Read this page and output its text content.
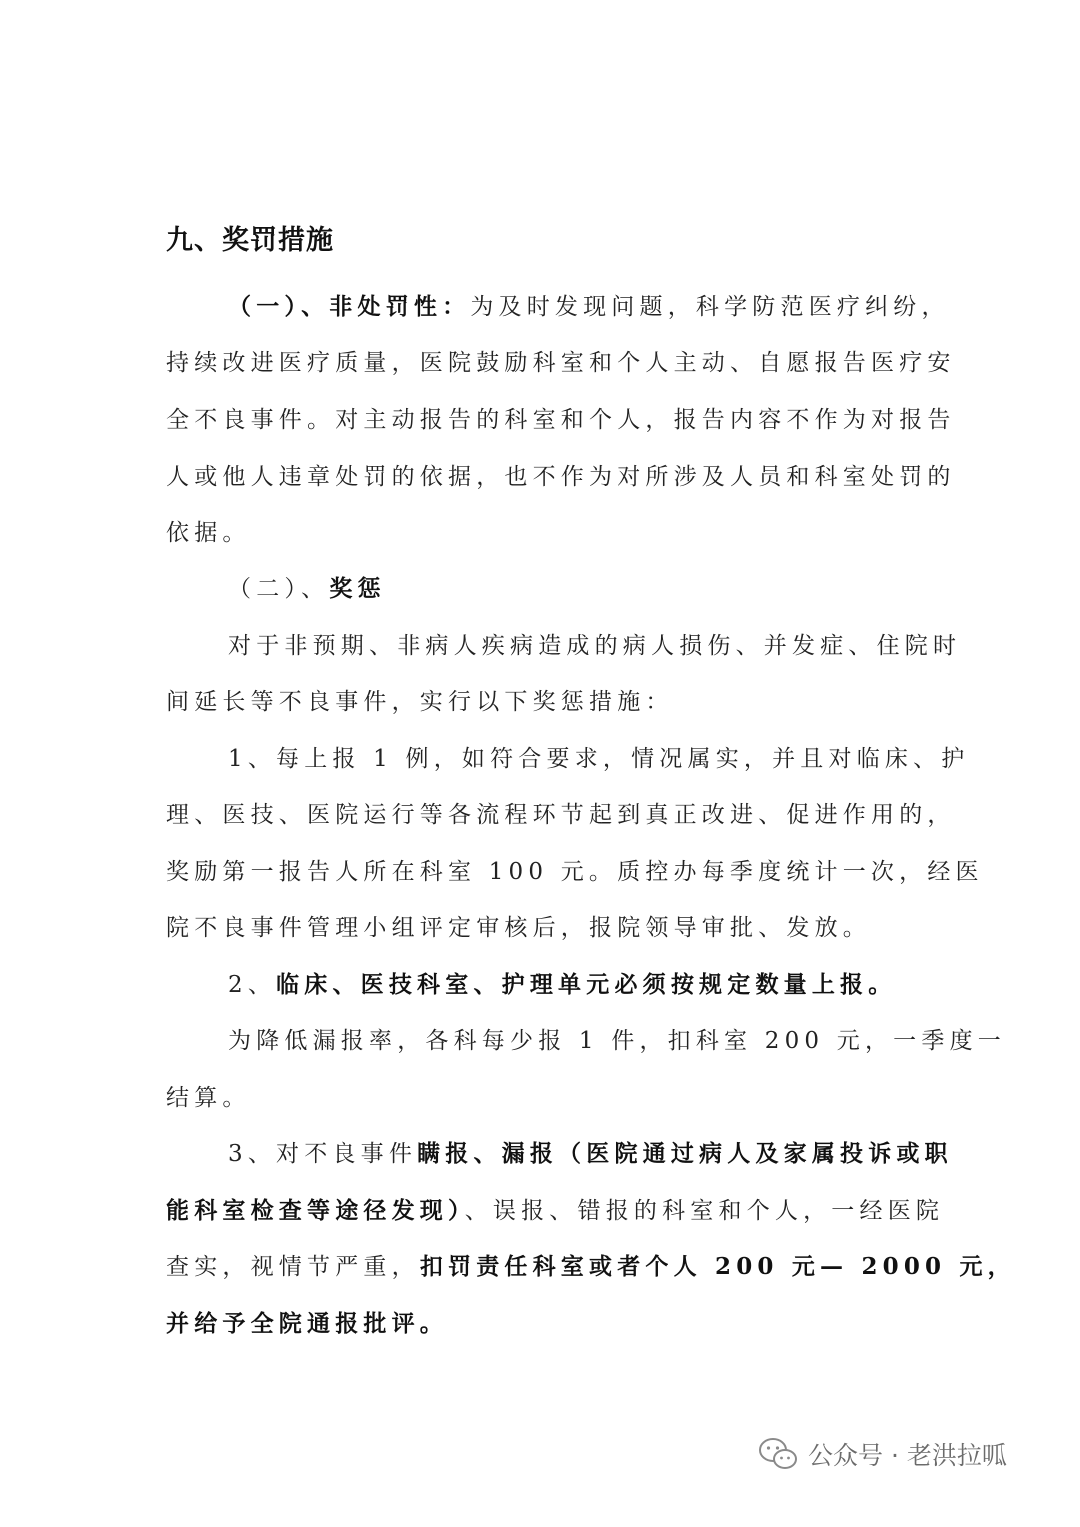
九、奖罚措施
（一）、非处罚性：为及时发现问题，科学防范医疗纠纷，
持续改进医疗质量，医院鼓励科室和个人主动、自愿报告医疗安
全不良事件。对主动报告的科室和个人，报告内容不作为对报告
人或他人违章处罚的依据，也不作为对所涉及人员和科室处罚的
依据。
（二）、奖惩
对于非预期、非病人疾病造成的病人损伤、并发症、住院时
间延长等不良事件，实行以下奖惩措施：
1、每上报 1 例，如符合要求，情况属实，并且对临床、护
理、医技、医院运行等各流程环节起到真正改进、促进作用的，
奖励第一报告人所在科室 100 元。质控办每季度统计一次，经医
院不良事件管理小组评定审核后，报院领导审批、发放。
2、临床、医技科室、护理单元必须按规定数量上报。
为降低漏报率，各科每少报 1 件，扣科室 200 元，一季度一
结算。
3、对不良事件瞒报、漏报（医院通过病人及家属投诉或职
能科室检查等途径发现）、误报、错报的科室和个人，一经医院
查实，视情节严重，扣罚责任科室或者个人 200 元— 2000 元，
并给予全院通报批评。
公众号 · 老洪拉呱
